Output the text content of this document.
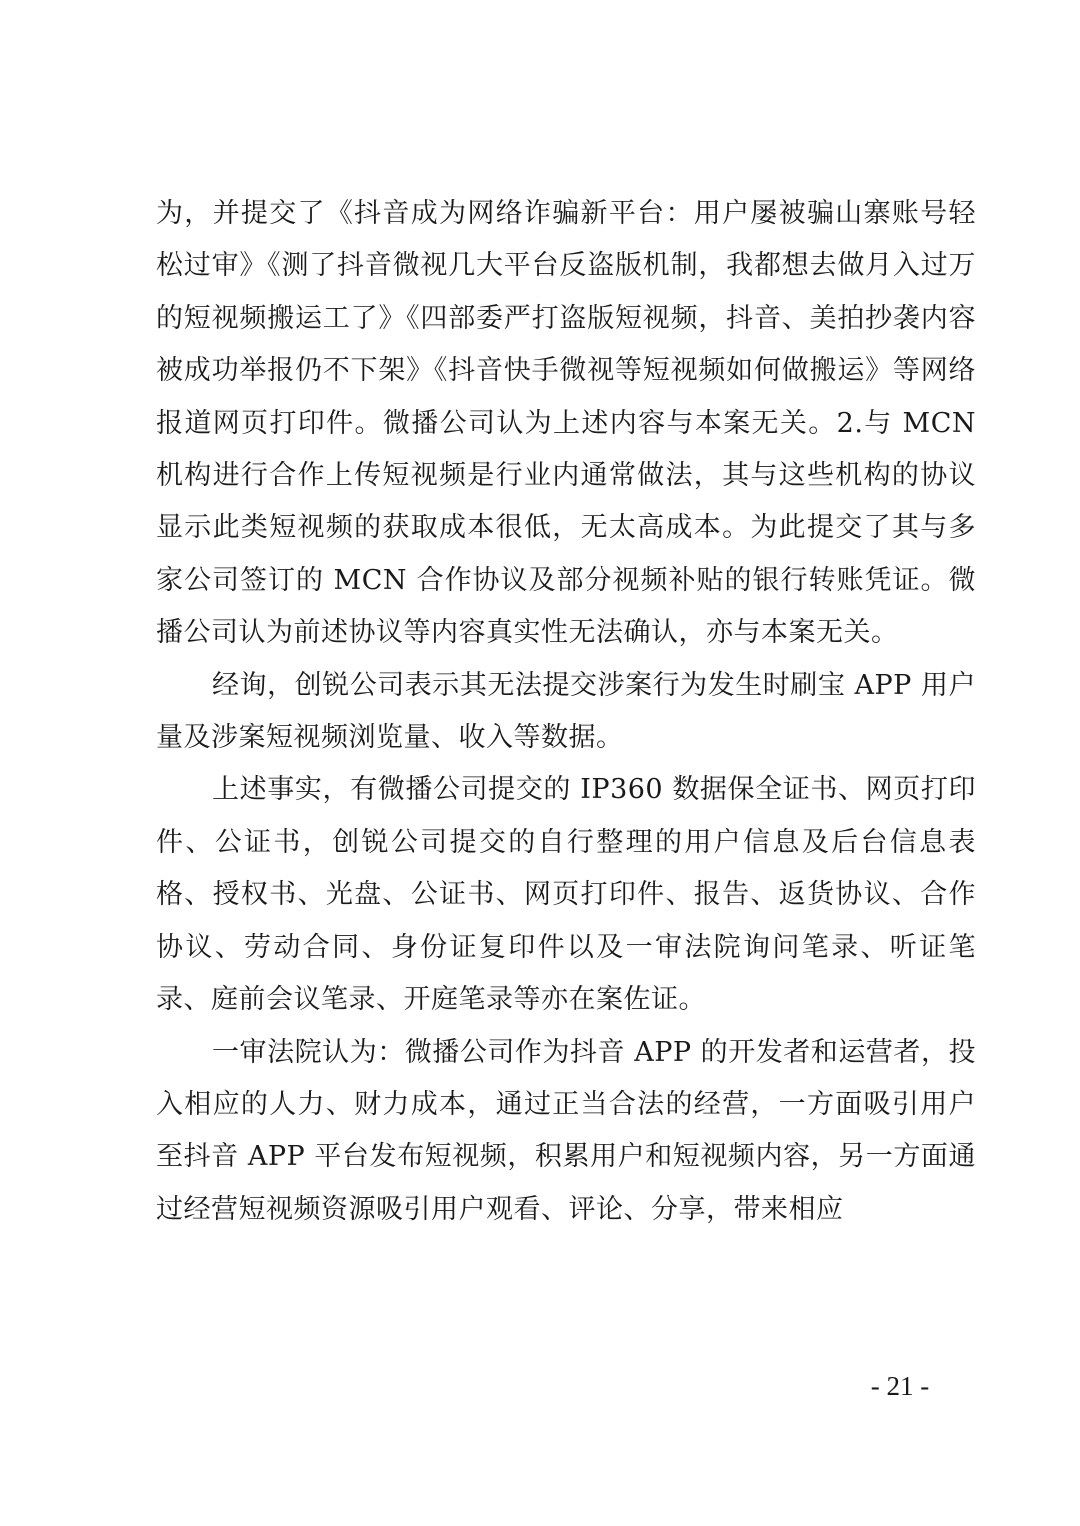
为，并提交了《抖音成为网络诈骗新平台：用户屡被骗山寨账号轻松过审》《测了抖音微视几大平台反盗版机制，我都想去做月入过万的短视频搬运工了》《四部委严打盗版短视频，抖音、美拍抄袭内容被成功举报仍不下架》《抖音快手微视等短视频如何做搬运》等网络报道网页打印件。微播公司认为上述内容与本案无关。2.与 MCN 机构进行合作上传短视频是行业内通常做法，其与这些机构的协议显示此类短视频的获取成本很低，无太高成本。为此提交了其与多家公司签订的 MCN 合作协议及部分视频补贴的银行转账凭证。微播公司认为前述协议等内容真实性无法确认，亦与本案无关。

经询，创锐公司表示其无法提交涉案行为发生时刷宝 APP 用户量及涉案短视频浏览量、收入等数据。

上述事实，有微播公司提交的 IP360 数据保全证书、网页打印件、公证书，创锐公司提交的自行整理的用户信息及后台信息表格、授权书、光盘、公证书、网页打印件、报告、返货协议、合作协议、劳动合同、身份证复印件以及一审法院询问笔录、听证笔录、庭前会议笔录、开庭笔录等亦在案佐证。

一审法院认为：微播公司作为抖音 APP 的开发者和运营者，投入相应的人力、财力成本，通过正当合法的经营，一方面吸引用户至抖音 APP 平台发布短视频，积累用户和短视频内容，另一方面通过经营短视频资源吸引用户观看、评论、分享，带来相应

- 21 -
